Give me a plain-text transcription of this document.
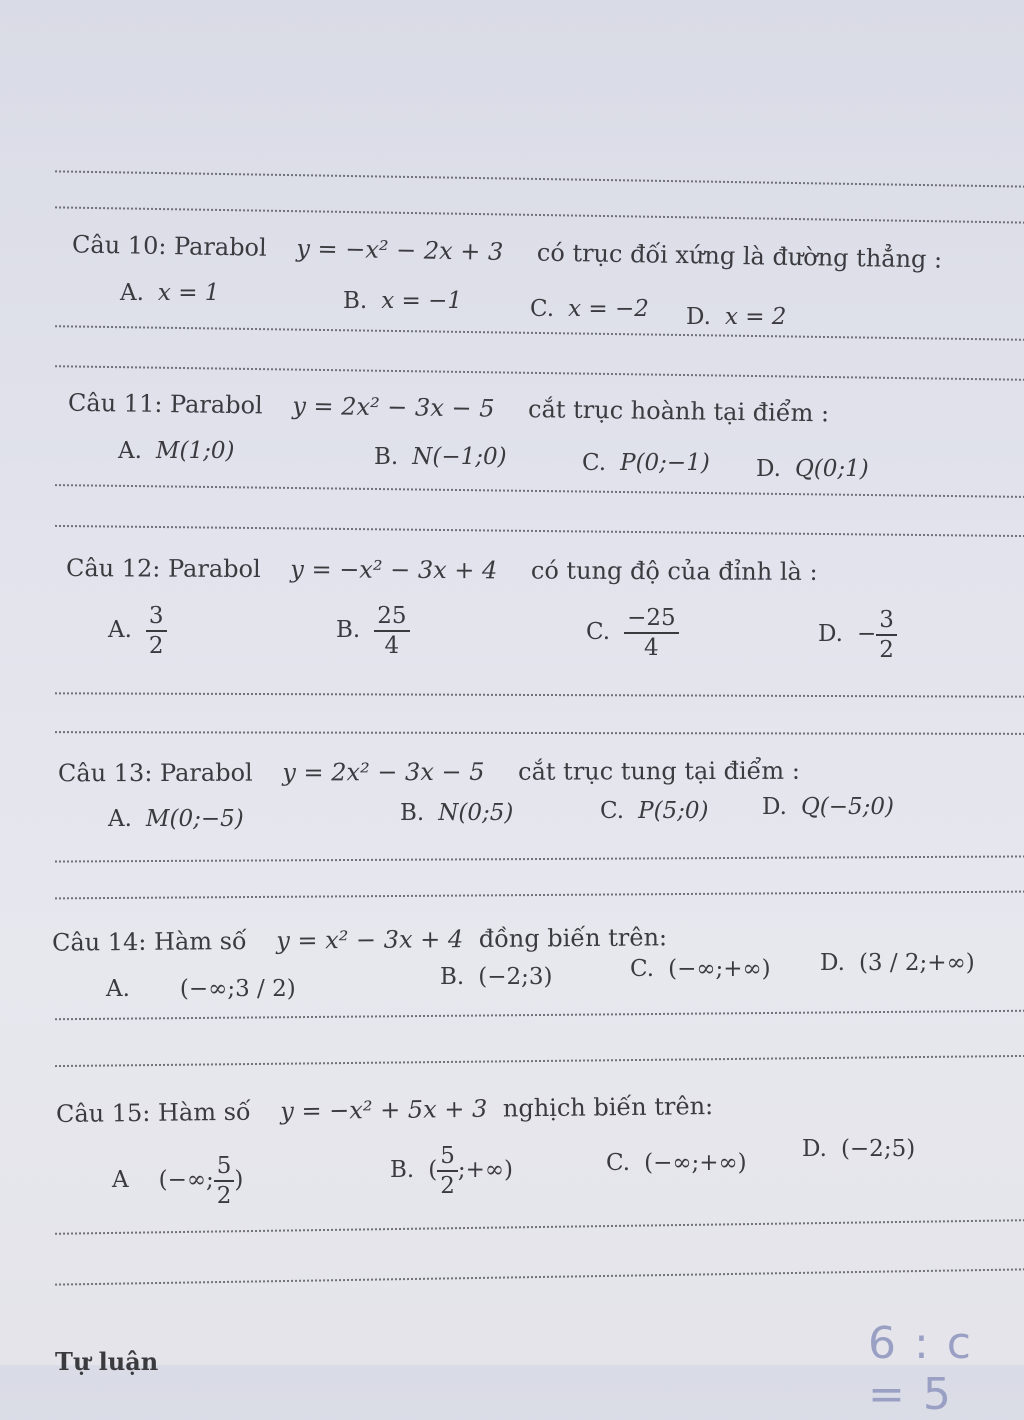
Câu 10: Parabol y = −x² − 2x + 3 có trục đối xứng là đường thẳng :
A. x = 1	B. x = −1	C. x = −2 D. x = 2
Câu 11: Parabol y = 2x² − 3x − 5 cắt trục hoành tại điểm :
A. M(1;0)	B. N(−1;0)	C. P(0;−1) D. Q(0;1)
Câu 12: Parabol y = −x² − 3x + 4 có tung độ của đỉnh là :
A. $\frac{3}{2}$	B. $\frac{25}{4}$	C. $\frac{-25}{4}$	D. − $\frac{3}{2}$
Câu 13: Parabol y = 2x² − 3x − 5 cắt trục tung tại điểm :
A. M(0;−5)	B. N(0;5)	C. P(5;0) D. Q(−5;0)
Câu 14: Hàm số y = x² − 3x + 4 đồng biến trên:
A. (−∞;3 / 2)	B. (−2;3)	C. (−∞;+∞) D. (3 / 2;+∞)
Câu 15: Hàm số y = −x² + 5x + 3 nghịch biến trên:
A (−∞; $\frac{5}{2}$ )	B. ( $\frac{5}{2}$ ;+∞)	C. (−∞;+∞)
D. (−2;5)
Tự luận	6 : c = 5
